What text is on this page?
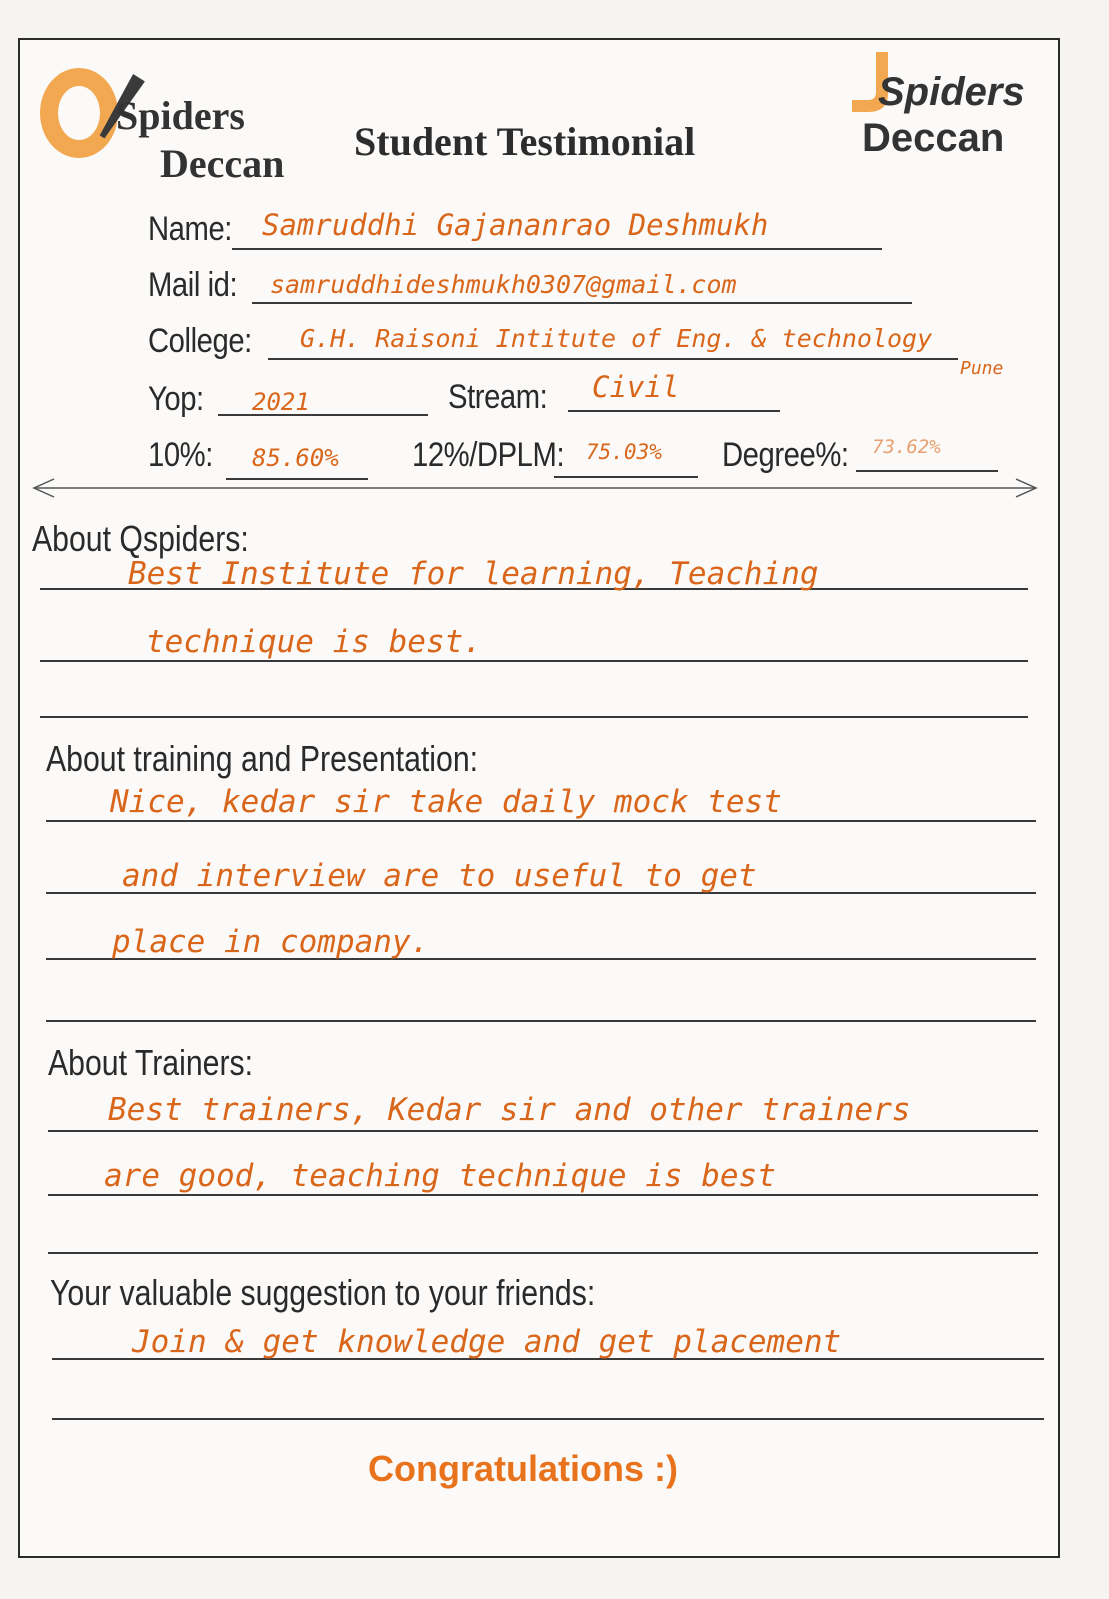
Spiders
Deccan Student Testimonial
Spiders
Deccan
Name: Samruddhi Gajananrao Deshmukh
Mail id: samruddhideshmukh0307@gmail.com
College: G.H. Raisoni Intitute of Eng. & technology
Pune
Yop: 2021	Stream: Civil
10%: 85.60% 12%/DPLM: 75.03% Degree%: 73.62%
About Qspiders:
Best Institute for learning, Teaching
technique is best.
About training and Presentation:
Nice, kedar sir take daily mock test
and interview are to useful to get
place in company.
About Trainers:
Best trainers, Kedar sir and other trainers
are good, teaching technique is best
Your valuable suggestion to your friends:
Join & get knowledge and get placement
Congratulations :)
